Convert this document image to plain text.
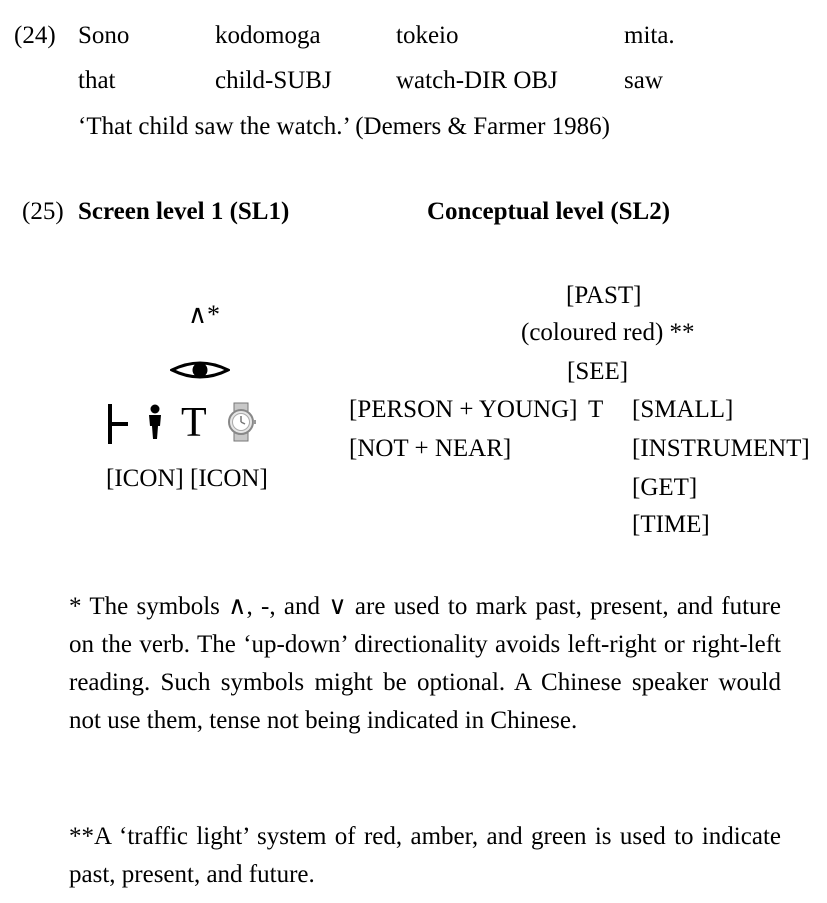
(24) Sono	kodomoga	tokeio	mita.
that	child-SUBJ	watch-DIR OBJ	saw
‘That child saw the watch.’ (Demers & Farmer 1986)
(25) Screen level 1 (SL1)	Conceptual level (SL2)
∧*
T
[ICON] [ICON]
[PAST]
(coloured red) **
[SEE]
[PERSON + YOUNG] T [SMALL]
[NOT + NEAR]	[INSTRUMENT]
[GET]
[TIME]
* The symbols ∧, -, and ∨ are used to mark past, present, and future on the verb. The ‘up-down’ directionality avoids left-right or right-left reading. Such symbols might be optional. A Chinese speaker would not use them, tense not being indicated in Chinese.
**A ‘traffic light’ system of red, amber, and green is used to indicate past, present, and future.
